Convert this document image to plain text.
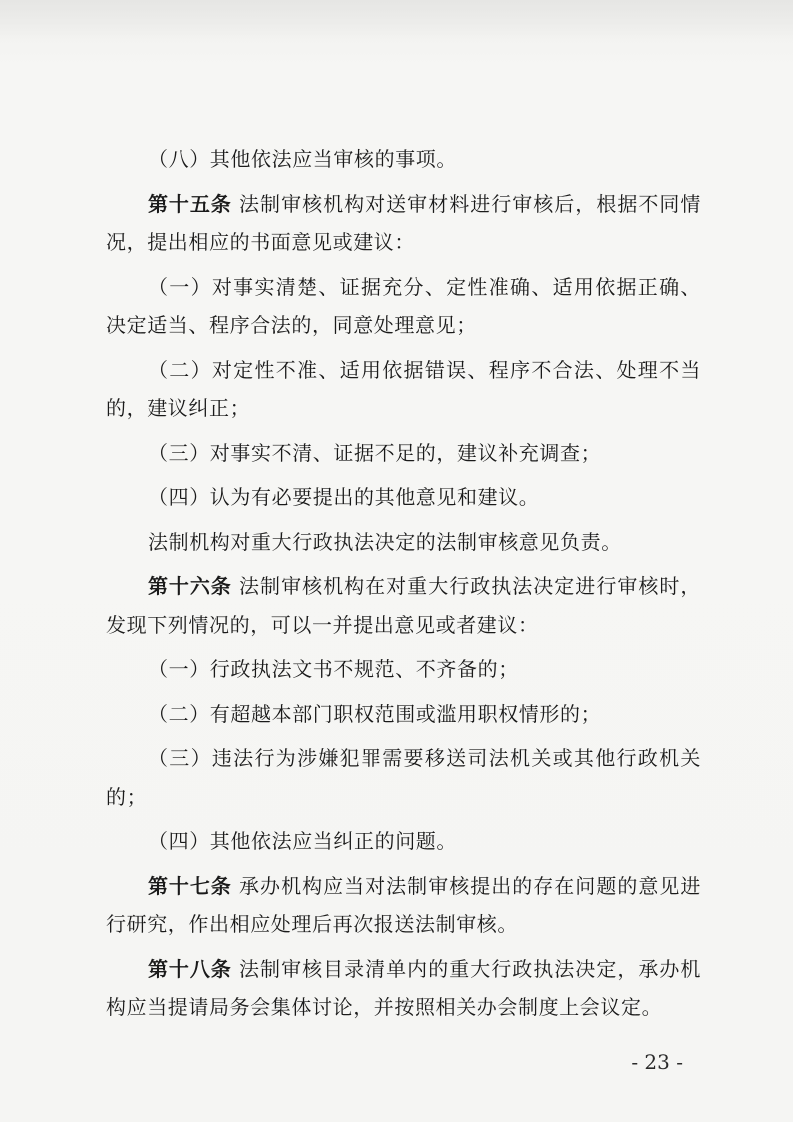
（八）其他依法应当审核的事项。

第十五条 法制审核机构对送审材料进行审核后，根据不同情况，提出相应的书面意见或建议：

（一）对事实清楚、证据充分、定性准确、适用依据正确、决定适当、程序合法的，同意处理意见；

（二）对定性不准、适用依据错误、程序不合法、处理不当的，建议纠正；

（三）对事实不清、证据不足的，建议补充调查；

（四）认为有必要提出的其他意见和建议。

法制机构对重大行政执法决定的法制审核意见负责。

第十六条 法制审核机构在对重大行政执法决定进行审核时，发现下列情况的，可以一并提出意见或者建议：

（一）行政执法文书不规范、不齐备的；

（二）有超越本部门职权范围或滥用职权情形的；

（三）违法行为涉嫌犯罪需要移送司法机关或其他行政机关的；

（四）其他依法应当纠正的问题。

第十七条 承办机构应当对法制审核提出的存在问题的意见进行研究，作出相应处理后再次报送法制审核。

第十八条 法制审核目录清单内的重大行政执法决定，承办机构应当提请局务会集体讨论，并按照相关办会制度上会议定。

- 23 -
